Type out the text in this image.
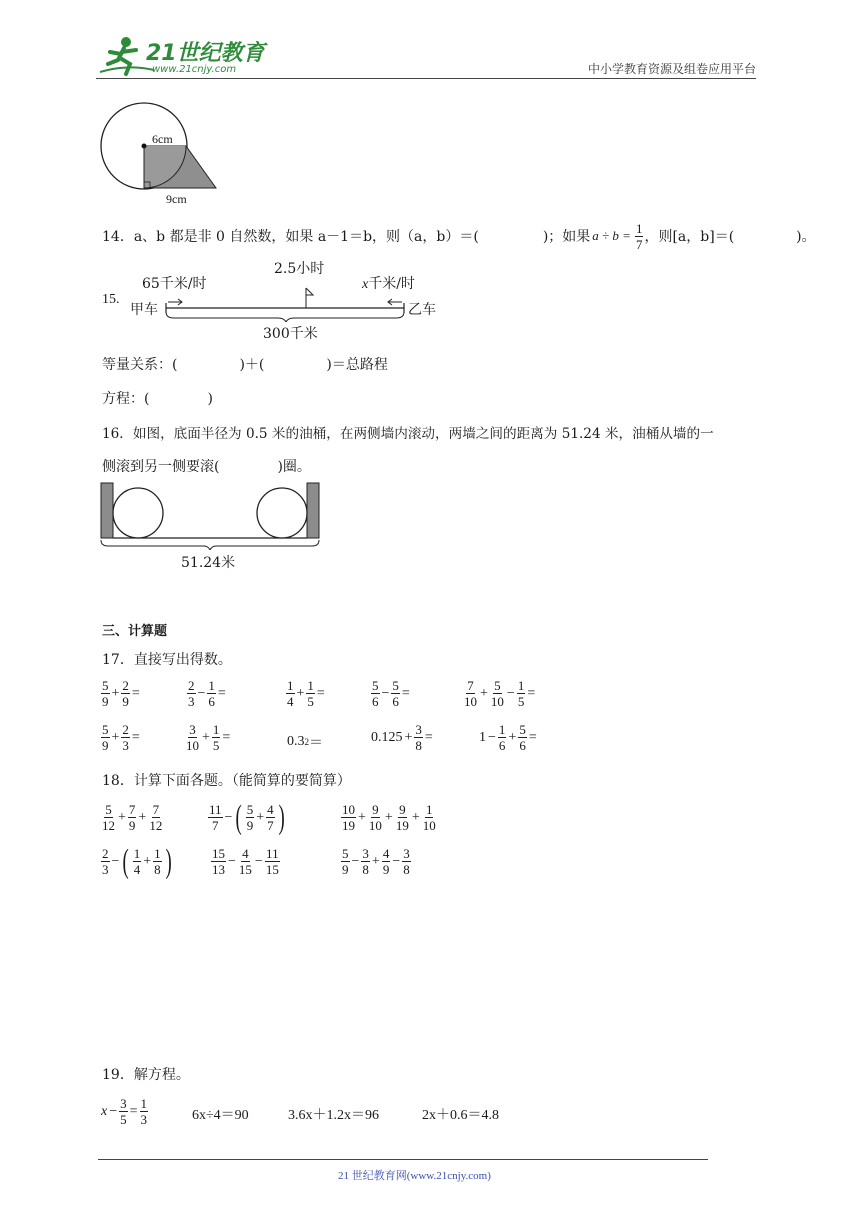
21世纪教育
www.21cnjy.com	中小学教育资源及组卷应用平台
6cm
9cm
14．a、b 都是非 0 自然数，如果 a－1＝b，则（a，b）＝(	)；如果 $a \div b = \frac{1}{7}$ ，则[a，b]＝(	)。
15.
65千米/时
2.5小时
x千米/时
甲车	乙车
300千米
等量关系：(	)＋(	)＝总路程
方程：(	)
16．如图，底面半径为 0.5 米的油桶，在两侧墙内滚动，两墙之间的距离为 51.24 米，油桶从墙的一
侧滚到另一侧要滚(	)圈。
51.24米
三、计算题
17．直接写出得数。
$\frac{5}{9} + \frac{2}{9}$ =	$\frac{2}{3} - \frac{1}{6}$ =	$\frac{1}{4} + \frac{1}{5}$ =	$\frac{5}{6} - \frac{5}{6}$ =	$\frac{7}{10} + \frac{5}{10} - \frac{1}{5}$ =
$\frac{5}{9} + \frac{2}{3}$ =	$\frac{3}{10} + \frac{1}{5}$ =	0.3 2 ＝	$0.125 + \frac{3}{8}$ =	$1 - \frac{1}{6} + \frac{5}{6}$ =
18．计算下面各题。（能简算的要简算）
$\frac{5}{12} + \frac{7}{9} + \frac{7}{12}$	$\frac{11}{7}$ − ( $\frac{5}{9} + \frac{4}{7}$ )	$\frac{10}{19} + \frac{9}{10} + \frac{9}{19} + \frac{1}{10}$
$\frac{2}{3}$ − ( $\frac{1}{4} + \frac{1}{8}$ )	$\frac{15}{13} - \frac{4}{15} - \frac{11}{15}$	$\frac{5}{9} - \frac{3}{8} + \frac{4}{9} - \frac{3}{8}$
19．解方程。
$x - \frac{3}{5} = \frac{1}{3}$	6x÷4＝90	3.6x＋1.2x＝96	2x＋0.6＝4.8
21 世纪教育网(www.21cnjy.com)
